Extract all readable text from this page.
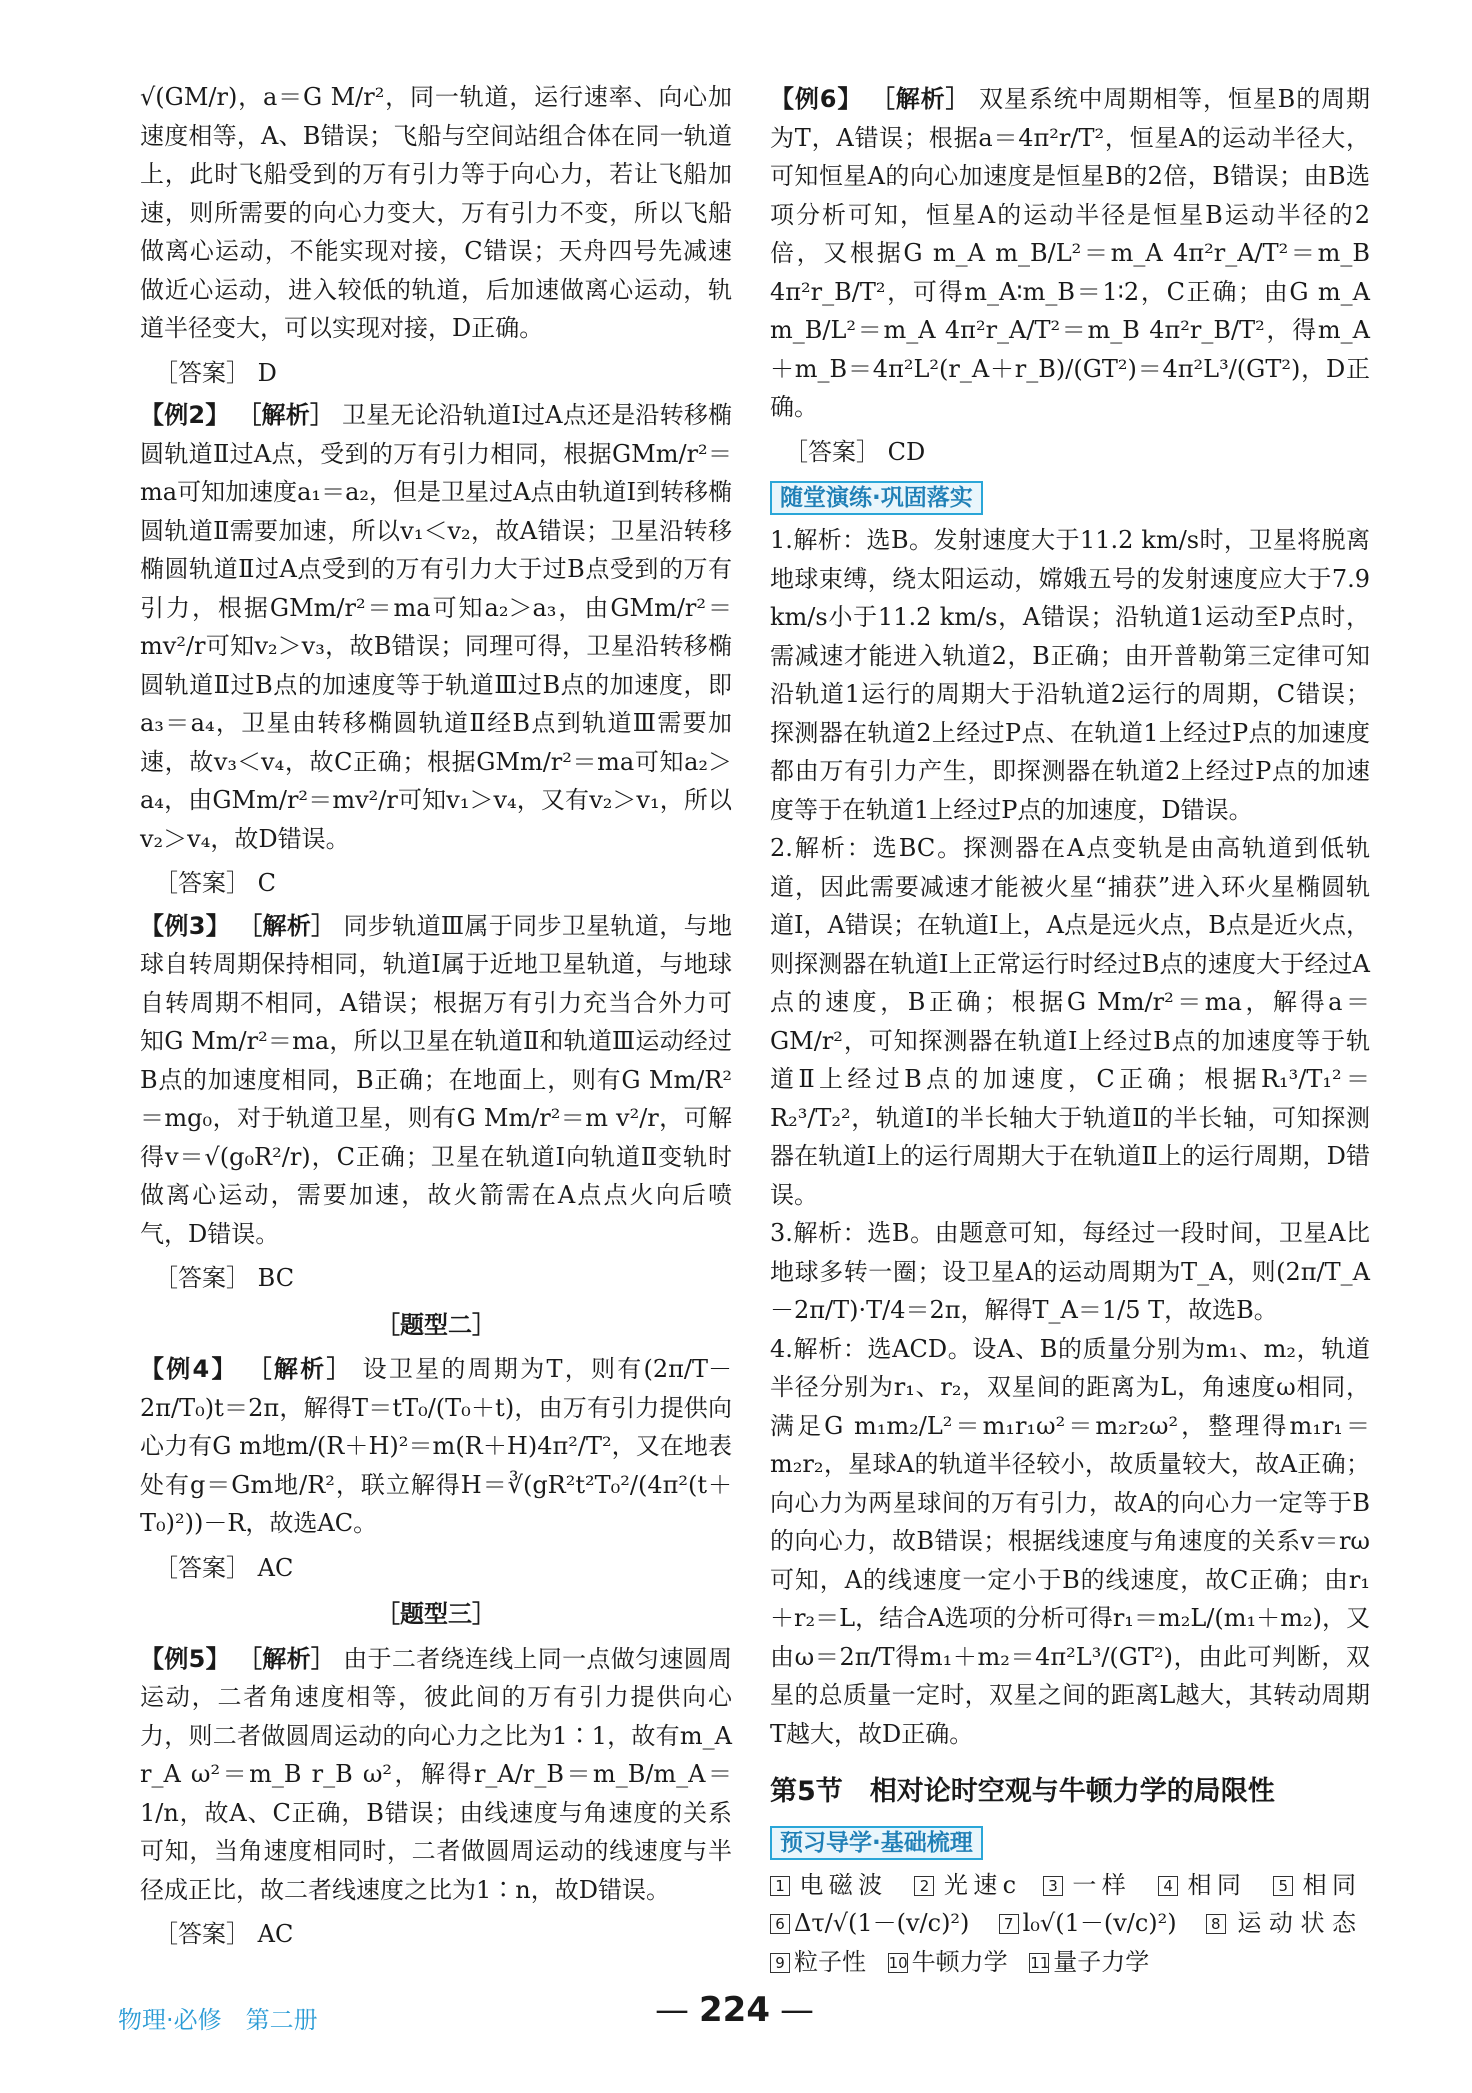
√(GM/r)，a＝G M/r²，同一轨道，运行速率、向心加速度相等，A、B错误；飞船与空间站组合体在同一轨道上，此时飞船受到的万有引力等于向心力，若让飞船加速，则所需要的向心力变大，万有引力不变，所以飞船做离心运动，不能实现对接，C错误；天舟四号先减速做近心运动，进入较低的轨道，后加速做离心运动，轨道半径变大，可以实现对接，D正确。

［答案］ D

【例2】 ［解析］ 卫星无论沿轨道Ⅰ过A点还是沿转移椭圆轨道Ⅱ过A点，受到的万有引力相同，根据GMm/r²＝ma可知加速度a₁＝a₂，但是卫星过A点由轨道Ⅰ到转移椭圆轨道Ⅱ需要加速，所以v₁＜v₂，故A错误；卫星沿转移椭圆轨道Ⅱ过A点受到的万有引力大于过B点受到的万有引力，根据GMm/r²＝ma可知a₂＞a₃，由GMm/r²＝mv²/r可知v₂＞v₃，故B错误；同理可得，卫星沿转移椭圆轨道Ⅱ过B点的加速度等于轨道Ⅲ过B点的加速度，即a₃＝a₄，卫星由转移椭圆轨道Ⅱ经B点到轨道Ⅲ需要加速，故v₃＜v₄，故C正确；根据GMm/r²＝ma可知a₂＞a₄，由GMm/r²＝mv²/r可知v₁＞v₄，又有v₂＞v₁，所以v₂＞v₄，故D错误。

［答案］ C

【例3】 ［解析］ 同步轨道Ⅲ属于同步卫星轨道，与地球自转周期保持相同，轨道Ⅰ属于近地卫星轨道，与地球自转周期不相同，A错误；根据万有引力充当合外力可知G Mm/r²＝ma，所以卫星在轨道Ⅱ和轨道Ⅲ运动经过B点的加速度相同，B正确；在地面上，则有G Mm/R²＝mg₀，对于轨道卫星，则有G Mm/r²＝m v²/r，可解得v＝√(g₀R²/r)，C正确；卫星在轨道Ⅰ向轨道Ⅱ变轨时做离心运动，需要加速，故火箭需在A点点火向后喷气，D错误。

［答案］ BC

［题型二］

【例4】 ［解析］ 设卫星的周期为T，则有(2π/T－2π/T₀)t＝2π，解得T＝tT₀/(T₀＋t)，由万有引力提供向心力有G m地m/(R＋H)²＝m(R＋H)4π²/T²，又在地表处有g＝Gm地/R²，联立解得H＝∛(gR²t²T₀²/(4π²(t＋T₀)²))－R，故选AC。

［答案］ AC

［题型三］

【例5】 ［解析］ 由于二者绕连线上同一点做匀速圆周运动，二者角速度相等，彼此间的万有引力提供向心力，则二者做圆周运动的向心力之比为1∶1，故有m_A r_A ω²＝m_B r_B ω²，解得r_A/r_B＝m_B/m_A＝1/n，故A、C正确，B错误；由线速度与角速度的关系可知，当角速度相同时，二者做圆周运动的线速度与半径成正比，故二者线速度之比为1∶n，故D错误。

［答案］ AC

【例6】 ［解析］ 双星系统中周期相等，恒星B的周期为T，A错误；根据a＝4π²r/T²，恒星A的运动半径大，可知恒星A的向心加速度是恒星B的2倍，B错误；由B选项分析可知，恒星A的运动半径是恒星B运动半径的2倍，又根据G m_A m_B/L²＝m_A 4π²r_A/T²＝m_B 4π²r_B/T²，可得m_A∶m_B＝1∶2，C正确；由G m_A m_B/L²＝m_A 4π²r_A/T²＝m_B 4π²r_B/T²，得m_A＋m_B＝4π²L²(r_A＋r_B)/(GT²)＝4π²L³/(GT²)，D正确。

［答案］ CD

随堂演练·巩固落实

1.解析：选B。发射速度大于11.2 km/s时，卫星将脱离地球束缚，绕太阳运动，嫦娥五号的发射速度应大于7.9 km/s小于11.2 km/s，A错误；沿轨道1运动至P点时，需减速才能进入轨道2，B正确；由开普勒第三定律可知沿轨道1运行的周期大于沿轨道2运行的周期，C错误；探测器在轨道2上经过P点、在轨道1上经过P点的加速度都由万有引力产生，即探测器在轨道2上经过P点的加速度等于在轨道1上经过P点的加速度，D错误。

2.解析：选BC。探测器在A点变轨是由高轨道到低轨道，因此需要减速才能被火星“捕获”进入环火星椭圆轨道Ⅰ，A错误；在轨道Ⅰ上，A点是远火点，B点是近火点，则探测器在轨道Ⅰ上正常运行时经过B点的速度大于经过A点的速度，B正确；根据G Mm/r²＝ma，解得a＝GM/r²，可知探测器在轨道Ⅰ上经过B点的加速度等于轨道Ⅱ上经过B点的加速度，C正确；根据R₁³/T₁²＝R₂³/T₂²，轨道Ⅰ的半长轴大于轨道Ⅱ的半长轴，可知探测器在轨道Ⅰ上的运行周期大于在轨道Ⅱ上的运行周期，D错误。

3.解析：选B。由题意可知，每经过一段时间，卫星A比地球多转一圈；设卫星A的运动周期为T_A，则(2π/T_A－2π/T)·T/4＝2π，解得T_A＝1/5 T，故选B。

4.解析：选ACD。设A、B的质量分别为m₁、m₂，轨道半径分别为r₁、r₂，双星间的距离为L，角速度ω相同，满足G m₁m₂/L²＝m₁r₁ω²＝m₂r₂ω²，整理得m₁r₁＝m₂r₂，星球A的轨道半径较小，故质量较大，故A正确；向心力为两星球间的万有引力，故A的向心力一定等于B的向心力，故B错误；根据线速度与角速度的关系v＝rω可知，A的线速度一定小于B的线速度，故C正确；由r₁＋r₂＝L，结合A选项的分析可得r₁＝m₂L/(m₁＋m₂)，又由ω＝2π/T得m₁＋m₂＝4π²L³/(GT²)，由此可判断，双星的总质量一定时，双星之间的距离L越大，其转动周期T越大，故D正确。

第5节　相对论时空观与牛顿力学的局限性
预习导学·基础梳理

1 电磁波 2 光速c 3 一样 4 相同 5 相同 6 Δτ/√(1－(v/c)²) 7 l₀√(1－(v/c)²) 8 运动状态 9 粒子性 10 牛顿力学 11 量子力学

物理·必修　第二册	— 224 —
